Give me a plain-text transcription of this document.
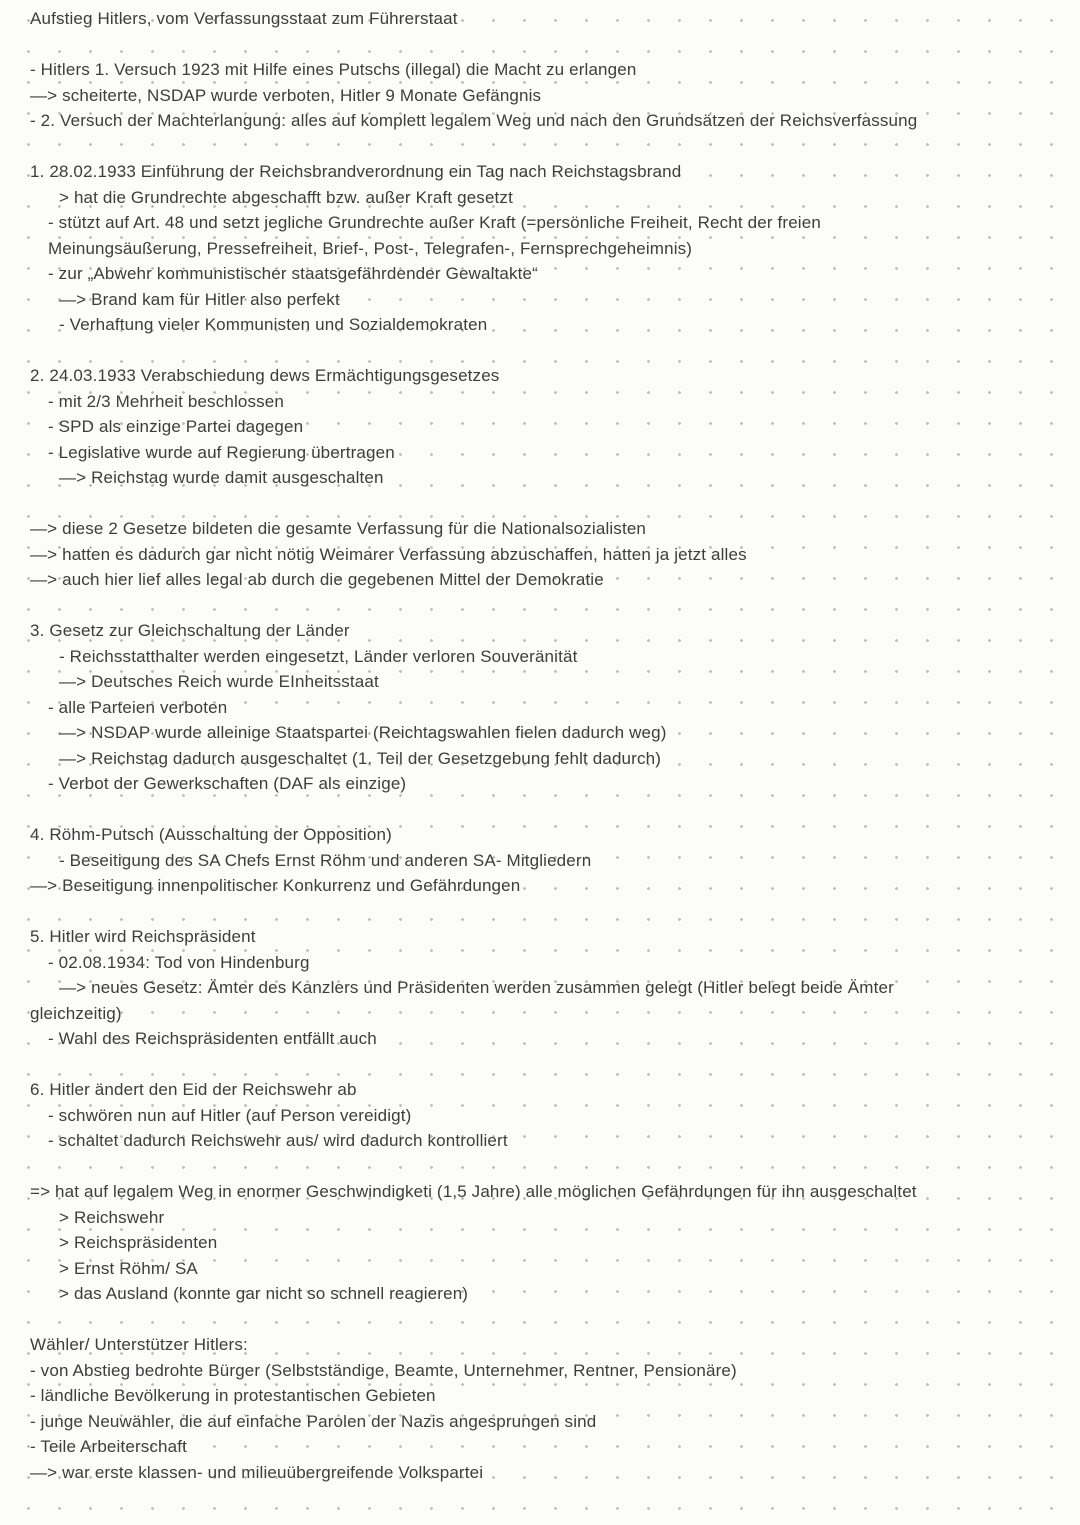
Aufstieg Hitlers, vom Verfassungsstaat zum Führerstaat
- Hitlers 1. Versuch 1923 mit Hilfe eines Putschs (illegal) die Macht zu erlangen
—> scheiterte, NSDAP wurde verboten, Hitler 9 Monate Gefängnis
- 2. Versuch der Machterlangung: alles auf komplett legalem Weg und nach den Grundsätzen der Reichsverfassung
1. 28.02.1933 Einführung der Reichsbrandverordnung ein Tag nach Reichstagsbrand
> hat die Grundrechte abgeschafft bzw. außer Kraft gesetzt
- stützt auf Art. 48 und setzt jegliche Grundrechte außer Kraft (=persönliche Freiheit, Recht der freien
Meinungsäußerung, Pressefreiheit, Brief-, Post-, Telegrafen-, Fernsprechgeheimnis)
- zur „Abwehr kommunistischer staatsgefährdender Gewaltakte“
—> Brand kam für Hitler also perfekt
- Verhaftung vieler Kommunisten und Sozialdemokraten
2. 24.03.1933 Verabschiedung dews Ermächtigungsgesetzes
- mit 2/3 Mehrheit beschlossen
- SPD als einzige Partei dagegen
- Legislative wurde auf Regierung übertragen
—> Reichstag wurde damit ausgeschalten
—> diese 2 Gesetze bildeten die gesamte Verfassung für die Nationalsozialisten
—> hatten es dadurch gar nicht nötig Weimarer Verfassung abzuschaffen, hatten ja jetzt alles
—> auch hier lief alles legal ab durch die gegebenen Mittel der Demokratie
3. Gesetz zur Gleichschaltung der Länder
- Reichsstatthalter werden eingesetzt, Länder verloren Souveränität
—> Deutsches Reich wurde EInheitsstaat
- alle Parteien verboten
—> NSDAP wurde alleinige Staatspartei (Reichtagswahlen fielen dadurch weg)
—> Reichstag dadurch ausgeschaltet (1. Teil der Gesetzgebung fehlt dadurch)
- Verbot der Gewerkschaften (DAF als einzige)
4. Röhm-Putsch (Ausschaltung der Opposition)
- Beseitigung des SA Chefs Ernst Röhm und anderen SA- Mitgliedern
—> Beseitigung innenpolitischer Konkurrenz und Gefährdungen
5. Hitler wird Reichspräsident
- 02.08.1934: Tod von Hindenburg
—> neues Gesetz: Ämter des Kanzlers und Präsidenten werden zusammen gelegt (Hitler belegt beide Ämter
gleichzeitig)
- Wahl des Reichspräsidenten entfällt auch
6. Hitler ändert den Eid der Reichswehr ab
- schwören nun auf Hitler (auf Person vereidigt)
- schaltet dadurch Reichswehr aus/ wird dadurch kontrolliert
=> hat auf legalem Weg in enormer Geschwindigketi (1,5 Jahre) alle möglichen Gefährdungen für ihn ausgeschaltet
> Reichswehr
> Reichspräsidenten
> Ernst Röhm/ SA
> das Ausland (konnte gar nicht so schnell reagieren)
Wähler/ Unterstützer Hitlers:
- von Abstieg bedrohte Bürger (Selbstständige, Beamte, Unternehmer, Rentner, Pensionäre)
- ländliche Bevölkerung in protestantischen Gebieten
- junge Neuwähler, die auf einfache Parolen der Nazis angesprungen sind
- Teile Arbeiterschaft
—> war erste klassen- und milieuübergreifende Volkspartei
